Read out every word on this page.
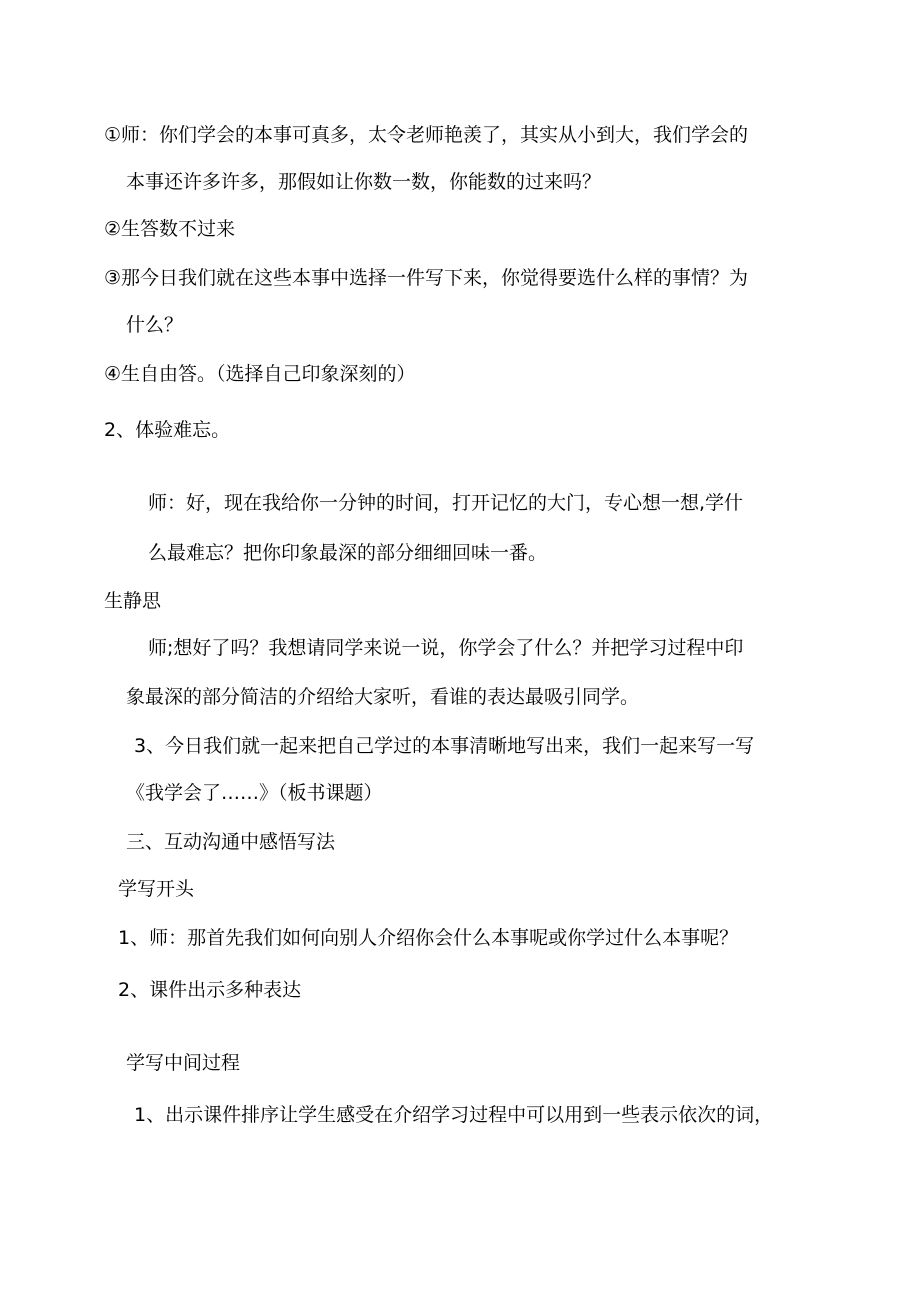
①师：你们学会的本事可真多，太令老师艳羡了，其实从小到大，我们学会的
本事还许多许多，那假如让你数一数，你能数的过来吗？
②生答数不过来
③那今日我们就在这些本事中选择一件写下来，你觉得要选什么样的事情？为
什么？
④生自由答。（选择自己印象深刻的）
2、体验难忘。
师：好，现在我给你一分钟的时间，打开记忆的大门，专心想一想,学什
么最难忘？把你印象最深的部分细细回味一番。
生静思
师;想好了吗？我想请同学来说一说，你学会了什么？并把学习过程中印
象最深的部分简洁的介绍给大家听，看谁的表达最吸引同学。
3、今日我们就一起来把自己学过的本事清晰地写出来，我们一起来写一写
《我学会了……》（板书课题）
三、互动沟通中感悟写法
学写开头
1、师：那首先我们如何向别人介绍你会什么本事呢或你学过什么本事呢？
2、课件出示多种表达
学写中间过程
1、出示课件排序让学生感受在介绍学习过程中可以用到一些表示依次的词，
